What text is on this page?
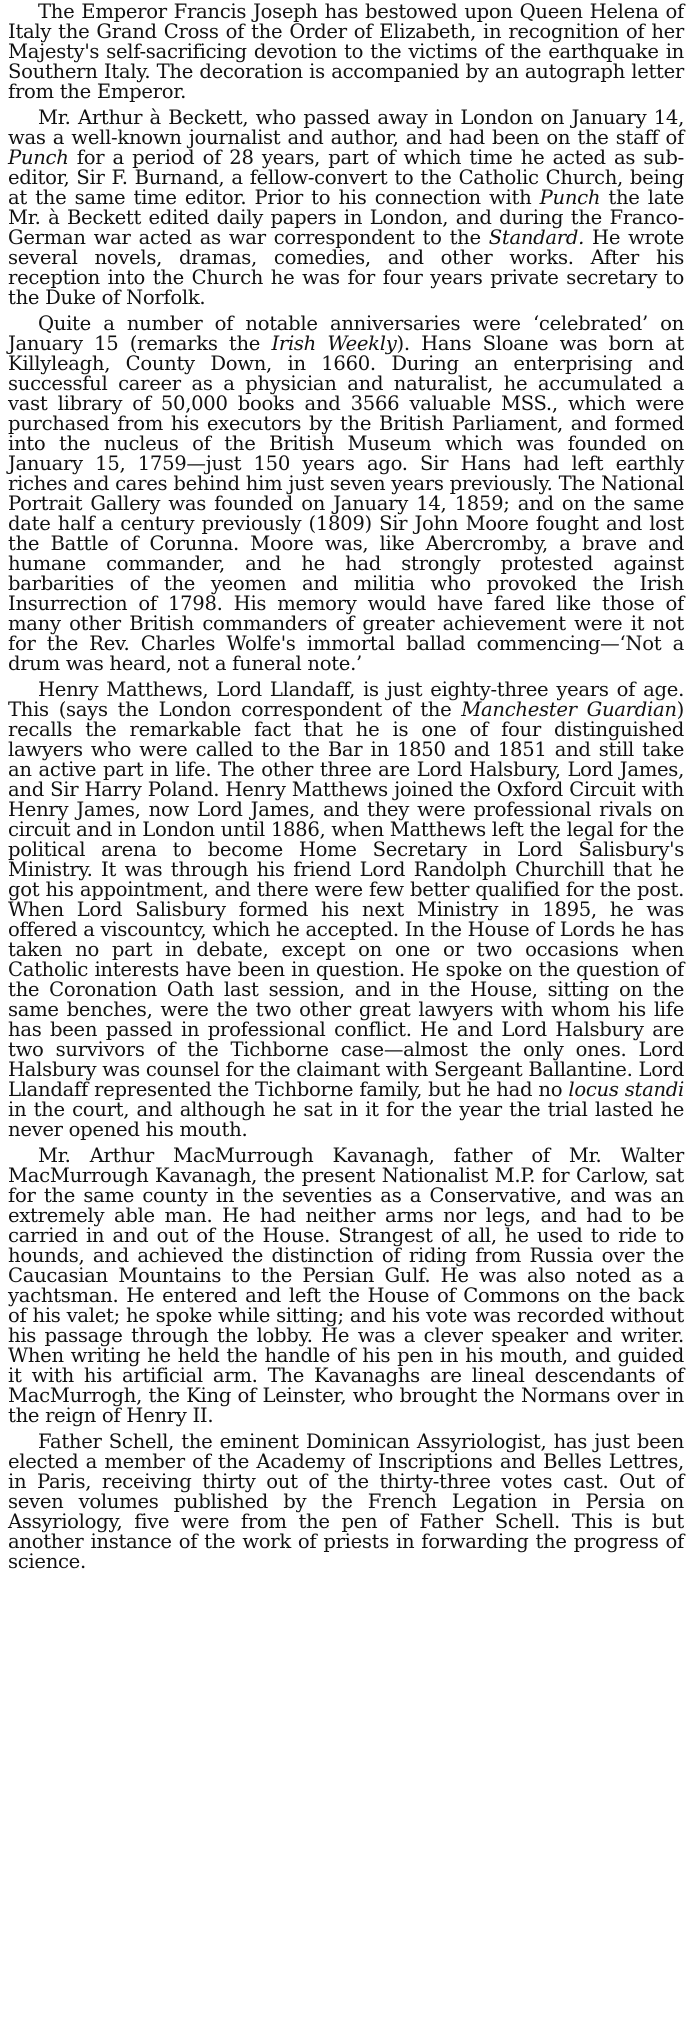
The Emperor Francis Joseph has bestowed upon Queen Helena of Italy the Grand Cross of the Order of Elizabeth, in recognition of her Majesty's self-sacrificing devotion to the victims of the earthquake in Southern Italy. The decoration is accompanied by an autograph letter from the Emperor.

Mr. Arthur à Beckett, who passed away in London on January 14, was a well-known journalist and author, and had been on the staff of Punch for a period of 28 years, part of which time he acted as sub-editor, Sir F. Burnand, a fellow-convert to the Catholic Church, being at the same time editor. Prior to his connection with Punch the late Mr. à Beckett edited daily papers in London, and during the Franco-German war acted as war correspondent to the Standard. He wrote several novels, dramas, comedies, and other works. After his reception into the Church he was for four years private secretary to the Duke of Norfolk.

Quite a number of notable anniversaries were ‘celebrated’ on January 15 (remarks the Irish Weekly). Hans Sloane was born at Killyleagh, County Down, in 1660. During an enterprising and successful career as a physician and naturalist, he accumulated a vast library of 50,000 books and 3566 valuable MSS., which were purchased from his executors by the British Parliament, and formed into the nucleus of the British Museum which was founded on January 15, 1759—just 150 years ago. Sir Hans had left earthly riches and cares behind him just seven years previously. The National Portrait Gallery was founded on January 14, 1859; and on the same date half a century previously (1809) Sir John Moore fought and lost the Battle of Corunna. Moore was, like Abercromby, a brave and humane commander, and he had strongly protested against barbarities of the yeomen and militia who provoked the Irish Insurrection of 1798. His memory would have fared like those of many other British commanders of greater achievement were it not for the Rev. Charles Wolfe's immortal ballad commencing—‘Not a drum was heard, not a funeral note.’

Henry Matthews, Lord Llandaff, is just eighty-three years of age. This (says the London correspondent of the Manchester Guardian) recalls the remarkable fact that he is one of four distinguished lawyers who were called to the Bar in 1850 and 1851 and still take an active part in life. The other three are Lord Halsbury, Lord James, and Sir Harry Poland. Henry Matthews joined the Oxford Circuit with Henry James, now Lord James, and they were professional rivals on circuit and in London until 1886, when Matthews left the legal for the political arena to become Home Secretary in Lord Salisbury's Ministry. It was through his friend Lord Randolph Churchill that he got his appointment, and there were few better qualified for the post. When Lord Salisbury formed his next Ministry in 1895, he was offered a viscountcy, which he accepted. In the House of Lords he has taken no part in debate, except on one or two occasions when Catholic interests have been in question. He spoke on the question of the Coronation Oath last session, and in the House, sitting on the same benches, were the two other great lawyers with whom his life has been passed in professional conflict. He and Lord Halsbury are two survivors of the Tichborne case—almost the only ones. Lord Halsbury was counsel for the claimant with Sergeant Ballantine. Lord Llandaff represented the Tichborne family, but he had no locus standi in the court, and although he sat in it for the year the trial lasted he never opened his mouth.

Mr. Arthur MacMurrough Kavanagh, father of Mr. Walter MacMurrough Kavanagh, the present Nationalist M.P. for Carlow, sat for the same county in the seventies as a Conservative, and was an extremely able man. He had neither arms nor legs, and had to be carried in and out of the House. Strangest of all, he used to ride to hounds, and achieved the distinction of riding from Russia over the Caucasian Mountains to the Persian Gulf. He was also noted as a yachtsman. He entered and left the House of Commons on the back of his valet; he spoke while sitting; and his vote was recorded without his passage through the lobby. He was a clever speaker and writer. When writing he held the handle of his pen in his mouth, and guided it with his artificial arm. The Kavanaghs are lineal descendants of MacMurrogh, the King of Leinster, who brought the Normans over in the reign of Henry II.

Father Schell, the eminent Dominican Assyriologist, has just been elected a member of the Academy of Inscriptions and Belles Lettres, in Paris, receiving thirty out of the thirty-three votes cast. Out of seven volumes published by the French Legation in Persia on Assyriology, five were from the pen of Father Schell. This is but another instance of the work of priests in forwarding the progress of science.
